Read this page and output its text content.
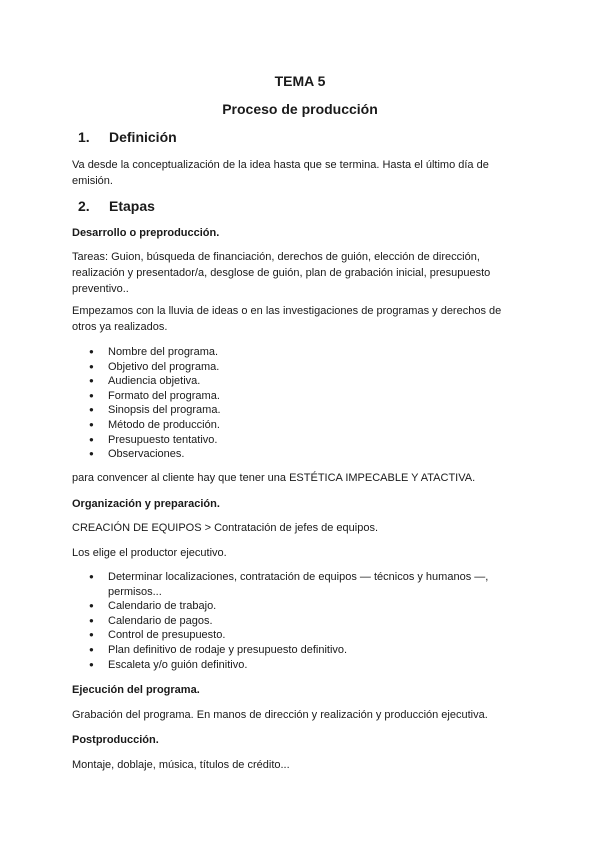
TEMA 5
Proceso de producción
1. Definición
Va desde la conceptualización de la idea hasta que se termina. Hasta el último día de emisión.
2. Etapas
Desarrollo o preproducción.
Tareas: Guion, búsqueda de financiación, derechos de guión, elección de dirección, realización y presentador/a, desglose de guión, plan de grabación inicial, presupuesto preventivo..
Empezamos con la lluvia de ideas o en las investigaciones de programas y derechos de otros ya realizados.
● Nombre del programa.
● Objetivo del programa.
● Audiencia objetiva.
● Formato del programa.
● Sinopsis del programa.
● Método de producción.
● Presupuesto tentativo.
● Observaciones.
para convencer al cliente hay que tener una ESTÉTICA IMPECABLE Y ATACTIVA.
Organización y preparación.
CREACIÓN DE EQUIPOS > Contratación de jefes de equipos.
Los elige el productor ejecutivo.
● Determinar localizaciones, contratación de equipos — técnicos y humanos —, permisos...
● Calendario de trabajo.
● Calendario de pagos.
● Control de presupuesto.
● Plan definitivo de rodaje y presupuesto definitivo.
● Escaleta y/o guión definitivo.
Ejecución del programa.
Grabación del programa. En manos de dirección y realización y producción ejecutiva.
Postproducción.
Montaje, doblaje, música, títulos de crédito...
